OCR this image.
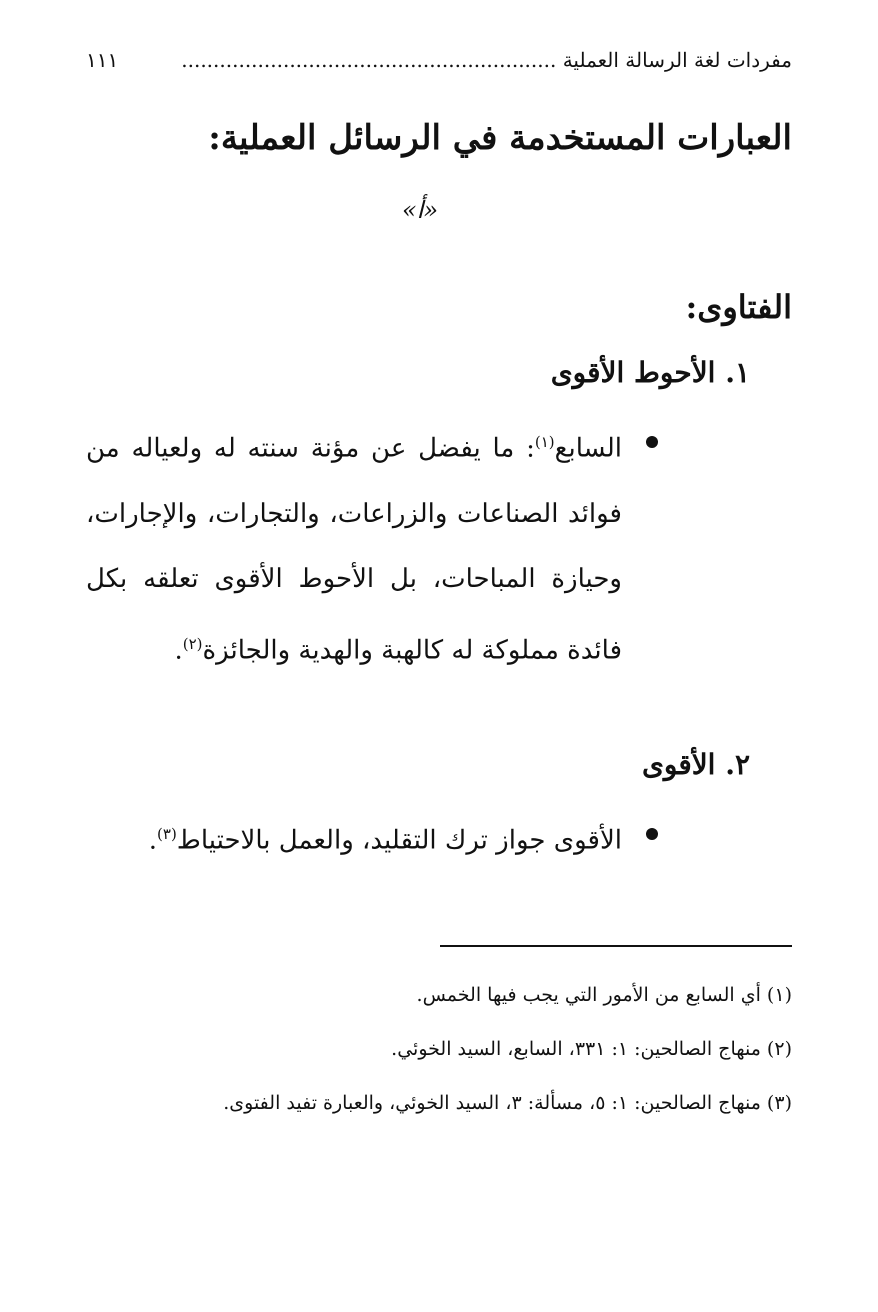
مفردات لغة الرسالة العملية ...........................................................
١١١
العبارات المستخدمة في الرسائل العملية:
«أ»
الفتاوى:
١. الأحوط الأقوى
السابع$^{(١)}$: ما يفضل عن مؤنة سنته له ولعياله من فوائد الصناعات والزراعات، والتجارات، والإجارات، وحيازة المباحات، بل الأحوط الأقوى تعلقه بكل فائدة مملوكة له كالهبة والهدية والجائزة$^{(٢)}$.
٢. الأقوى
الأقوى جواز ترك التقليد، والعمل بالاحتياط$^{(٣)}$.
(١) أي السابع من الأمور التي يجب فيها الخمس.
(٢) منهاج الصالحين: ١: ٣٣١، السابع، السيد الخوئي.
(٣) منهاج الصالحين: ١: ٥، مسألة: ٣، السيد الخوئي، والعبارة تفيد الفتوى.
